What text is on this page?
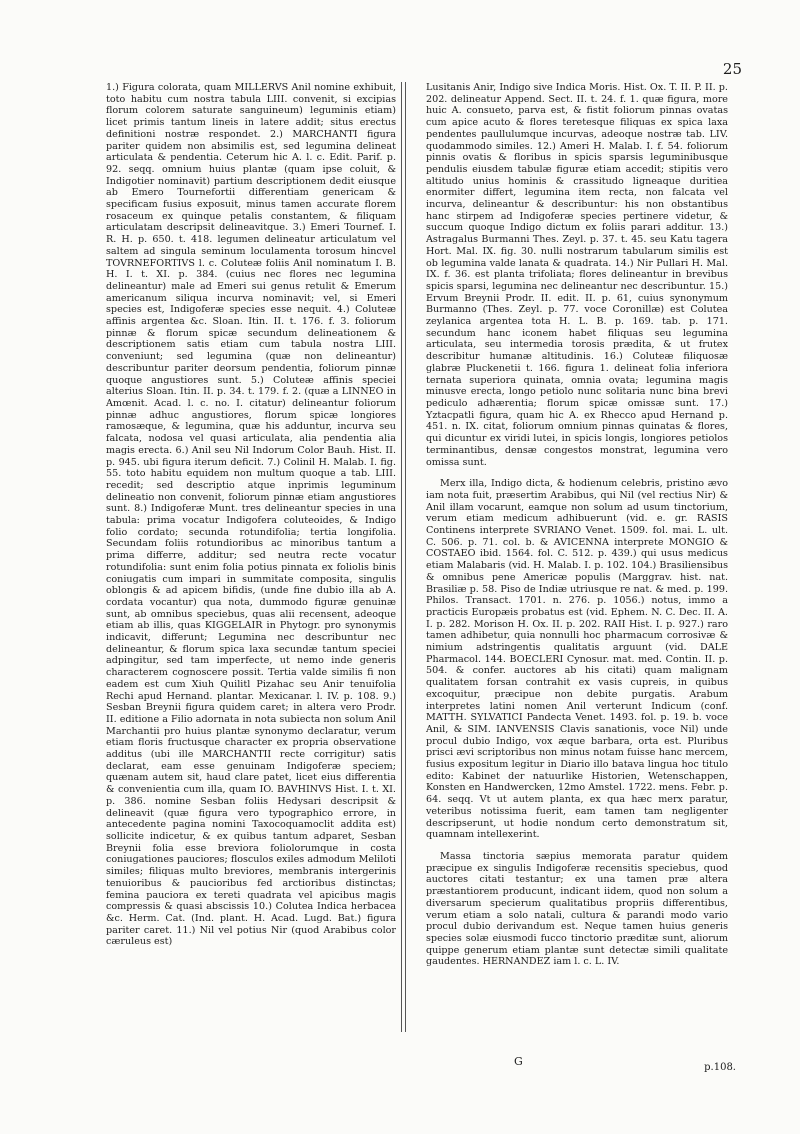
25

1.) Figura colorata, quam MILLERVS Anil nomine exhibuit, toto habitu cum nostra tabula LIII. convenit, si excipias florum colorem saturate sanguineum) leguminis etiam) licet primis tantum lineis in latere addit; situs erectus definitioni nostræ respondet. 2.) MARCHANTI figura pariter quidem non absimilis est, sed legumina delineat articulata & pendentia. Ceterum hic A. l. c. Edit. Parif. p. 92. seqq. omnium huius plantæ (quam ipse coluit, & Indigotier nominavit) partium descriptionem dedit eiusque ab Emero Tournefortii differentiam genericam & specificam fusius exposuit, minus tamen accurate florem rosaceum ex quinque petalis constantem, & filiquam articulatam descripsit delineavitque. 3.) Emeri Tournef. I. R. H. p. 650. t. 418. legumen delineatur articulatum vel saltem ad singula seminum loculamenta torosum hincvel TOVRNEFORTIVS l. c. Coluteæ foliis Anil nominatum I. B. H. I. t. XI. p. 384. (cuius nec flores nec legumina delineantur) male ad Emeri sui genus retulit & Emerum americanum siliqua incurva nominavit; vel, si Emeri species est, Indigoferæ species esse nequit. 4.) Coluteæ affinis argentea &c. Sloan. Itin. II. t. 176. f. 3. foliorum pinnæ & florum spicæ secundum delineationem & descriptionem satis etiam cum tabula nostra LIII. conveniunt; sed legumina (quæ non delineantur) describuntur pariter deorsum pendentia, foliorum pinnæ quoque angustiores sunt. 5.) Coluteæ affinis speciei alterius Sloan. Itin. II. p. 34. t. 179. f. 2. (quæ a LINNEO in Amœnit. Acad. l. c. no. I. citatur) delineantur foliorum pinnæ adhuc angustiores, florum spicæ longiores ramosæque, & legumina, quæ his adduntur, incurva seu falcata, nodosa vel quasi articulata, alia pendentia alia magis erecta. 6.) Anil seu Nil Indorum Color Bauh. Hist. II. p. 945. ubi figura iterum deficit. 7.) Colinil H. Malab. I. fig. 55. toto habitu equidem non multum quoque a tab. LIII. recedit; sed descriptio atque inprimis leguminum delineatio non convenit, foliorum pinnæ etiam angustiores sunt. 8.) Indigoferæ Munt. tres delineantur species in una tabula: prima vocatur Indigofera coluteoides, & Indigo folio cordato; secunda rotundifolia; tertia longifolia. Secundam foliis rotundioribus ac minoribus tantum a prima differre, additur; sed neutra recte vocatur rotundifolia: sunt enim folia potius pinnata ex foliolis binis coniugatis cum impari in summitate composita, singulis oblongis & ad apicem bifidis, (unde fine dubio illa ab A. cordata vocantur) qua nota, dummodo figuræ genuinæ sunt, ab omnibus speciebus, quas alii recensent, adeoque etiam ab illis, quas KIGGELAIR in Phytogr. pro synonymis indicavit, differunt; Legumina nec describuntur nec delineantur, & florum spica laxa secundæ tantum speciei adpingitur, sed tam imperfecte, ut nemo inde generis characterem cognoscere possit. Tertia valde similis fi non eadem est cum Xiuh Quilitl Pizahac seu Anir tenuifolia Rechi apud Hernand. plantar. Mexicanar. l. IV. p. 108. 9.) Sesban Breynii figura quidem caret; in altera vero Prodr. II. editione a Filio adornata in nota subiecta non solum Anil Marchantii pro huius plantæ synonymo declaratur, verum etiam floris fructusque character ex propria observatione additus (ubi ille MARCHANTII recte corrigitur) satis declarat, eam esse genuinam Indigoferæ speciem; quænam autem sit, haud clare patet, licet eius differentia & convenientia cum illa, quam IO. BAVHINVS Hist. I. t. XI. p. 386. nomine Sesban foliis Hedysari descripsit & delineavit (quæ figura vero typographico errore, in antecedente pagina nomini Taxocoquamoclit addita est) sollicite indicetur, & ex quibus tantum adparet, Sesban Breynii folia esse breviora foliolorumque in costa coniugationes pauciores; flosculos exiles admodum Meliloti similes; filiquas multo breviores, membranis intergerinis tenuioribus & paucioribus fed arctioribus distinctas; femina pauciora ex tereti quadrata vel apicibus magis compressis & quasi abscissis 10.) Colutea Indica herbacea &c. Herm. Cat. (Ind. plant. H. Acad. Lugd. Bat.) figura pariter caret. 11.) Nil vel potius Nir (quod Arabibus color cæruleus est)

Lusitanis Anir, Indigo sive Indica Moris. Hist. Ox. T. II. P. II. p. 202. delineatur Append. Sect. II. t. 24. f. 1. quæ figura, more huic A. consueto, parva est, & fistit foliorum pinnas ovatas cum apice acuto & flores teretesque filiquas ex spica laxa pendentes paullulumque incurvas, adeoque nostræ tab. LIV. quodammodo similes. 12.) Ameri H. Malab. I. f. 54. foliorum pinnis ovatis & floribus in spicis sparsis leguminibusque pendulis eiusdem tabulæ figuræ etiam accedit; stipitis vero altitudo unius hominis & crassitudo ligneaque duritiea enormiter differt, legumina item recta, non falcata vel incurva, delineantur & describuntur: his non obstantibus hanc stirpem ad Indigoferæ species pertinere videtur, & succum quoque Indigo dictum ex foliis parari additur. 13.) Astragalus Burmanni Thes. Zeyl. p. 37. t. 45. seu Katu tagera Hort. Mal. IX. fig. 30. nulli nostrarum tabularum similis est ob legumina valde lanata & quadrata. 14.) Nir Pullari H. Mal. IX. f. 36. est planta trifoliata; flores delineantur in brevibus spicis sparsi, legumina nec delineantur nec describuntur. 15.) Ervum Breynii Prodr. II. edit. II. p. 61, cuius synonymum Burmanno (Thes. Zeyl. p. 77. voce Coronillæ) est Colutea zeylanica argentea tota H. L. B. p. 169. tab. p. 171. secundum hanc iconem habet filiquas seu legumina articulata, seu intermedia torosis prædita, & ut frutex describitur humanæ altitudinis. 16.) Coluteæ filiquosæ glabræ Pluckenetii t. 166. figura 1. delineat folia inferiora ternata superiora quinata, omnia ovata; legumina magis minusve erecta, longo petiolo nunc solitaria nunc bina brevi pediculo adhærentia; florum spicæ omissæ sunt. 17.) Yztacpatli figura, quam hic A. ex Rhecco apud Hernand p. 451. n. IX. citat, foliorum omnium pinnas quinatas & flores, qui dicuntur ex viridi lutei, in spicis longis, longiores petiolos terminantibus, densæ congestos monstrat, legumina vero omissa sunt.

Merx illa, Indigo dicta, & hodienum celebris, pristino ævo iam nota fuit, præsertim Arabibus, qui Nil (vel rectius Nir) & Anil illam vocarunt, eamque non solum ad usum tinctorium, verum etiam medicum adhibuerunt (vid. e. gr. RASIS Continens interprete SVRIANO Venet. 1509. fol. mai. L. ult. C. 506. p. 71. col. b. & AVICENNA interprete MONGIO & COSTAEO ibid. 1564. fol. C. 512. p. 439.) qui usus medicus etiam Malabaris (vid. H. Malab. I. p. 102. 104.) Brasiliensibus & omnibus pene Americæ populis (Marggrav. hist. nat. Brasiliæ p. 58. Piso de Indiæ utriusque re nat. & med. p. 199. Philos. Transact. 1701. n. 276. p. 1056.) notus, immo a practicis Europæis probatus est (vid. Ephem. N. C. Dec. II. A. I. p. 282. Morison H. Ox. II. p. 202. RAII Hist. I. p. 927.) raro tamen adhibetur, quia nonnulli hoc pharmacum corrosivæ & nimium adstringentis qualitatis arguunt (vid. DALE Pharmacol. 144. BOECLERI Cynosur. mat. med. Contin. II. p. 504. & confer. auctores ab his citati) quam malignam qualitatem forsan contrahit ex vasis cupreis, in quibus excoquitur, præcipue non debite purgatis. Arabum interpretes latini nomen Anil verterunt Indicum (conf. MATTH. SYLVATICI Pandecta Venet. 1493. fol. p. 19. b. voce Anil, & SIM. IANVENSIS Clavis sanationis, voce Nil) unde procul dubio Indigo, vox æque barbara, orta est. Pluribus prisci ævi scriptoribus non minus notam fuisse hanc mercem, fusius expositum legitur in Diario illo batava lingua hoc titulo edito: Kabinet der natuurlike Historien, Wetenschappen, Konsten en Handwercken, 12mo Amstel. 1722. mens. Febr. p. 64. seqq. Vt ut autem planta, ex qua hæc merx paratur, veteribus notissima fuerit, eam tamen tam negligenter descripserunt, ut hodie nondum certo demonstratum sit, quamnam intellexerint.

Massa tinctoria sæpius memorata paratur quidem præcipue ex singulis Indigoferæ recensitis speciebus, quod auctores citati testantur; ex una tamen præ altera præstantiorem producunt, indicant iidem, quod non solum a diversarum specierum qualitatibus propriis differentibus, verum etiam a solo natali, cultura & parandi modo vario procul dubio derivandum est. Neque tamen huius generis species solæ eiusmodi fucco tinctorio præditæ sunt, aliorum quippe generum etiam plantæ sunt detectæ simili qualitate gaudentes. HERNANDEZ iam l. c. L. IV.

G	p.108.
